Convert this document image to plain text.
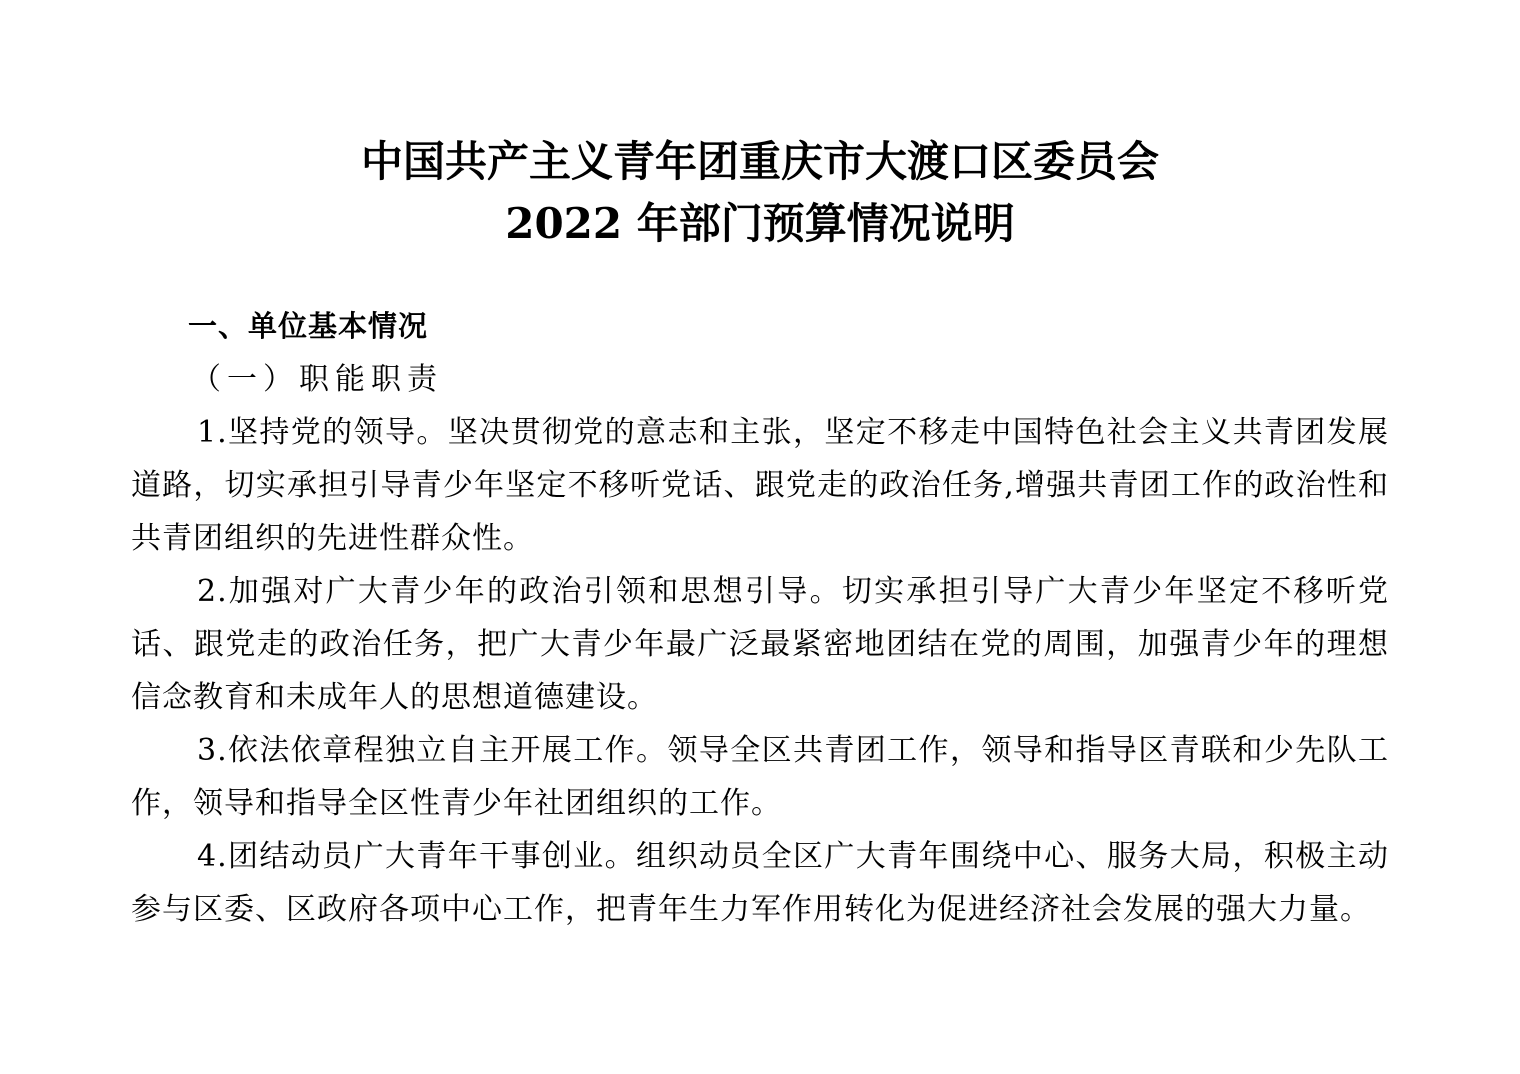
中国共产主义青年团重庆市大渡口区委员会
2022 年部门预算情况说明
一、单位基本情况
（一）职能职责

1.坚持党的领导。坚决贯彻党的意志和主张，坚定不移走中国特色社会主义共青团发展道路，切实承担引导青少年坚定不移听党话、跟党走的政治任务,增强共青团工作的政治性和共青团组织的先进性群众性。

2.加强对广大青少年的政治引领和思想引导。切实承担引导广大青少年坚定不移听党话、跟党走的政治任务，把广大青少年最广泛最紧密地团结在党的周围，加强青少年的理想信念教育和未成年人的思想道德建设。

3.依法依章程独立自主开展工作。领导全区共青团工作，领导和指导区青联和少先队工作，领导和指导全区性青少年社团组织的工作。

4.团结动员广大青年干事创业。组织动员全区广大青年围绕中心、服务大局，积极主动参与区委、区政府各项中心工作，把青年生力军作用转化为促进经济社会发展的强大力量。
